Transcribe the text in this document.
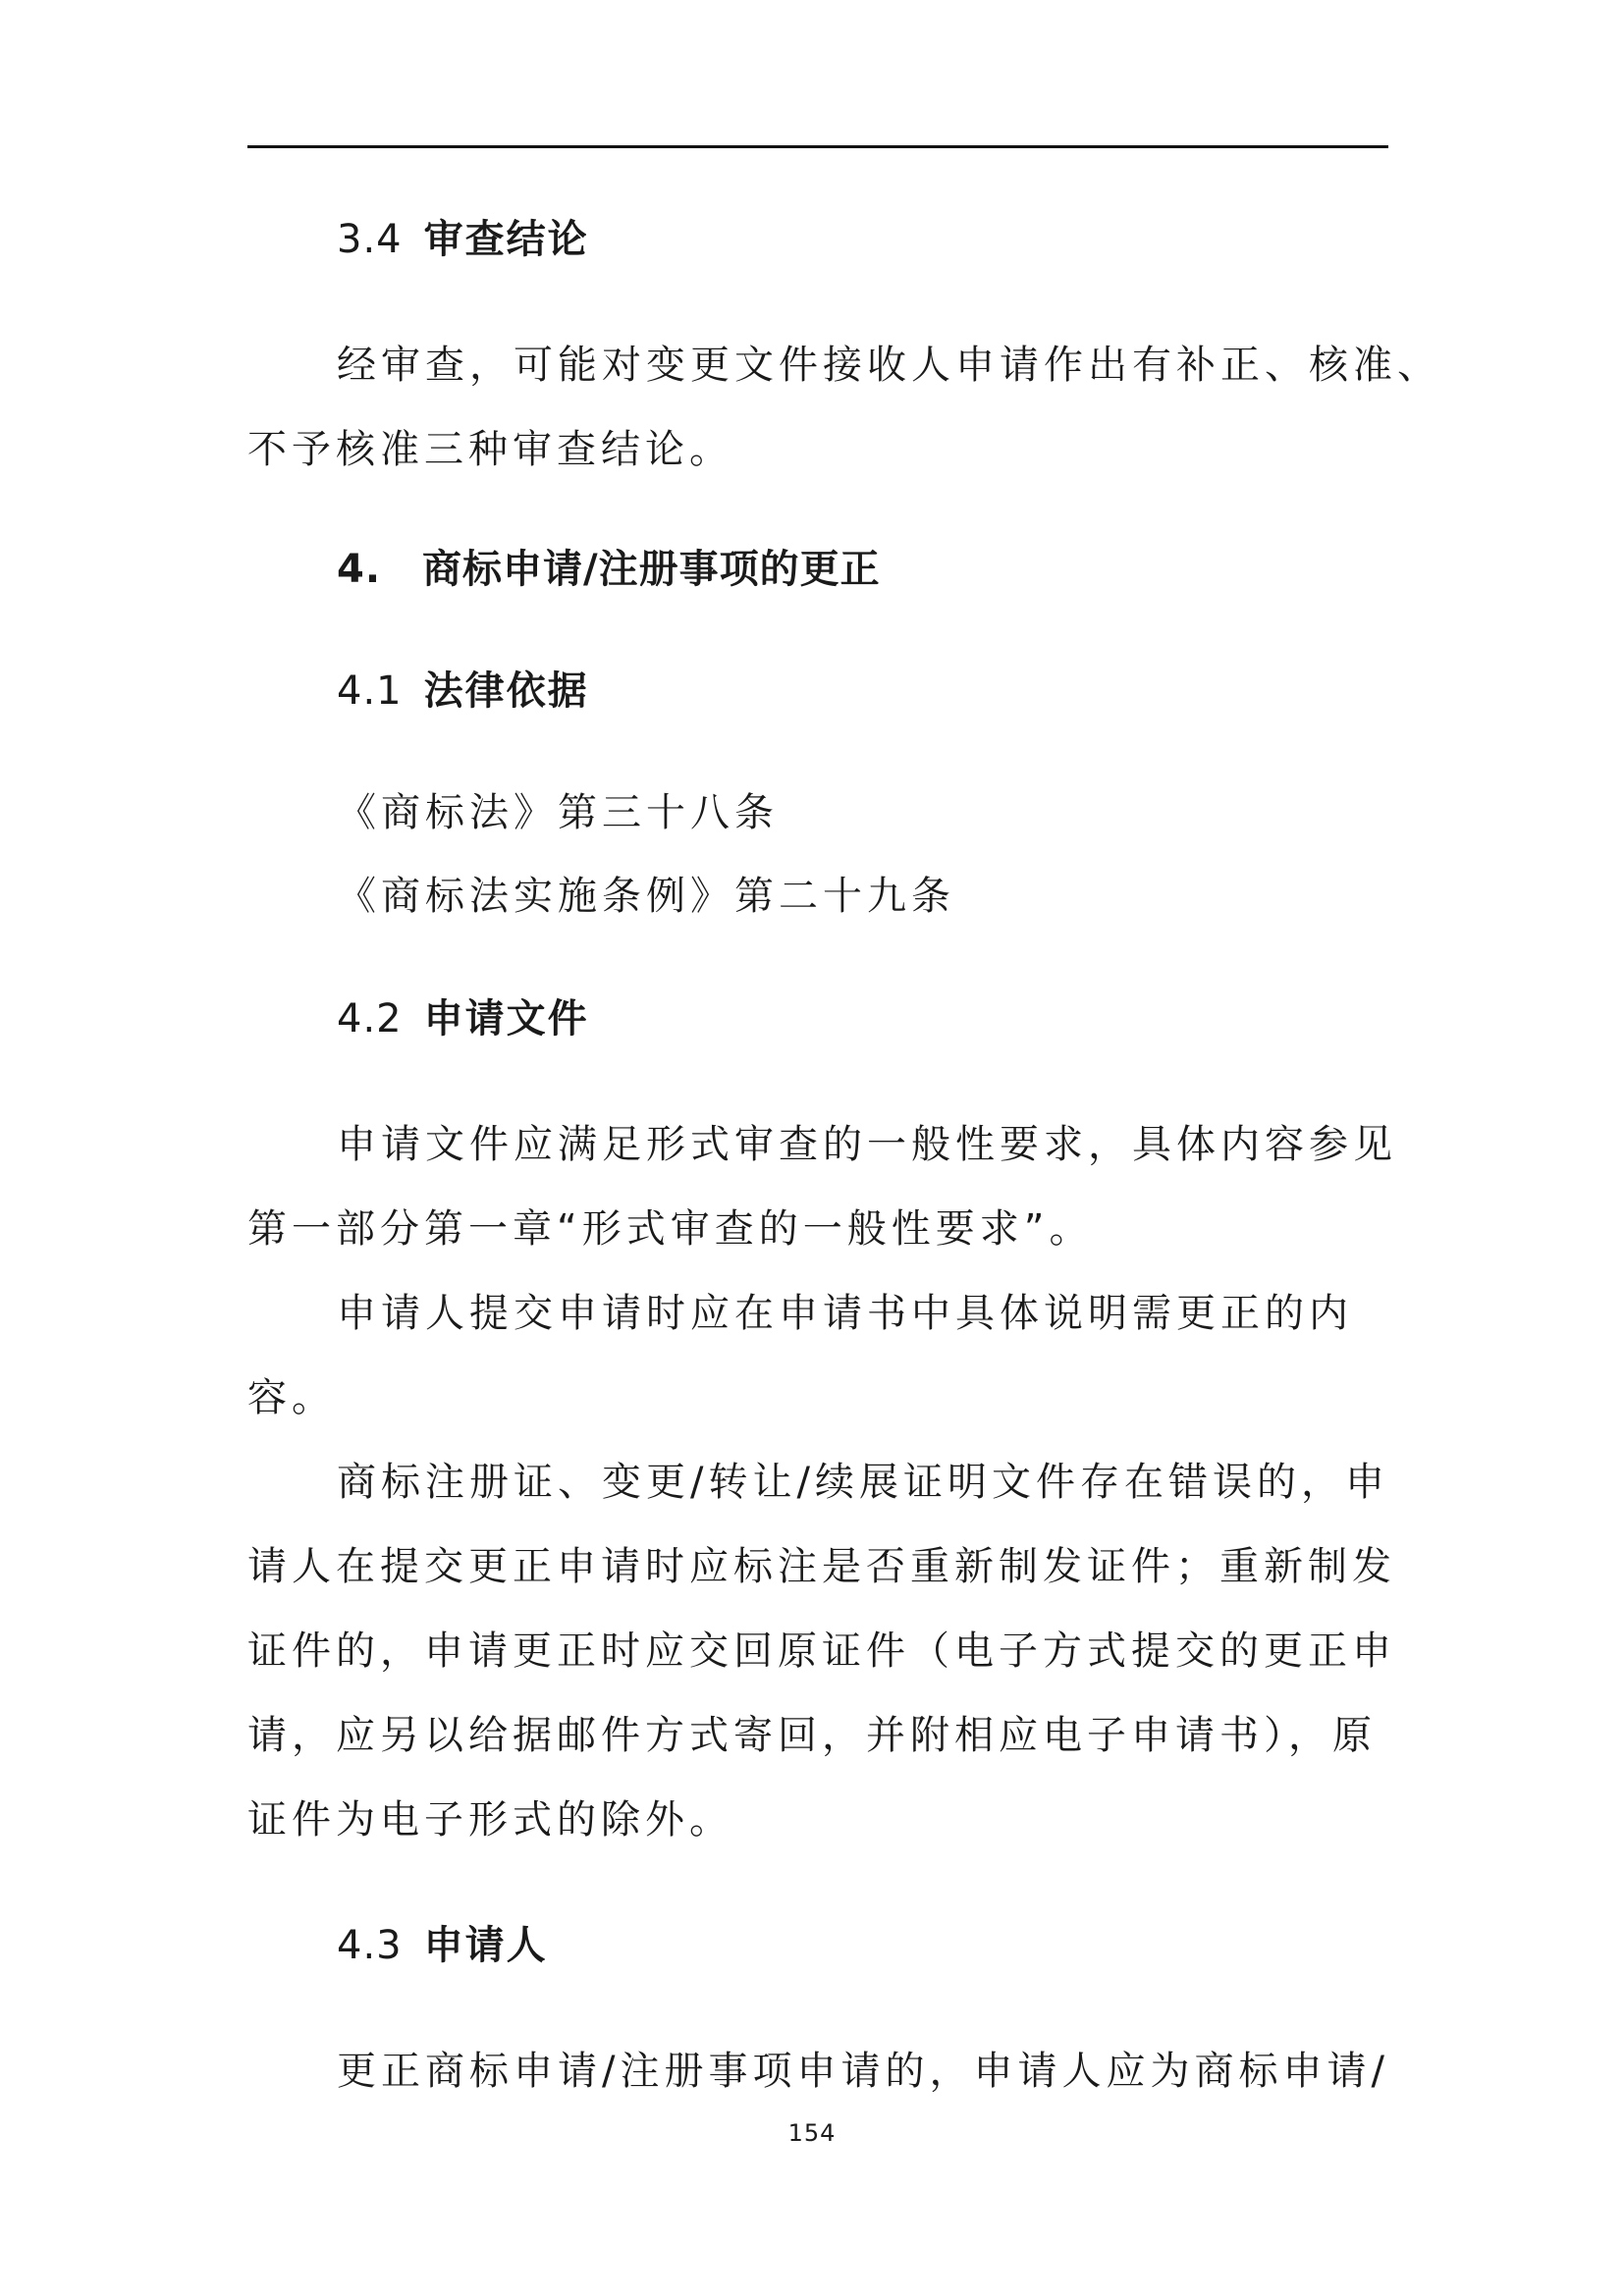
3.4 审查结论
经审查，可能对变更文件接收人申请作出有补正、核准、
不予核准三种审查结论。
4. 商标申请/注册事项的更正
4.1 法律依据
《商标法》第三十八条
《商标法实施条例》第二十九条
4.2 申请文件
申请文件应满足形式审查的一般性要求，具体内容参见
第一部分第一章“形式审查的一般性要求”。
申请人提交申请时应在申请书中具体说明需更正的内
容。
商标注册证、变更/转让/续展证明文件存在错误的，申
请人在提交更正申请时应标注是否重新制发证件；重新制发
证件的，申请更正时应交回原证件（电子方式提交的更正申
请，应另以给据邮件方式寄回，并附相应电子申请书），原
证件为电子形式的除外。
4.3 申请人
更正商标申请/注册事项申请的，申请人应为商标申请/
154
